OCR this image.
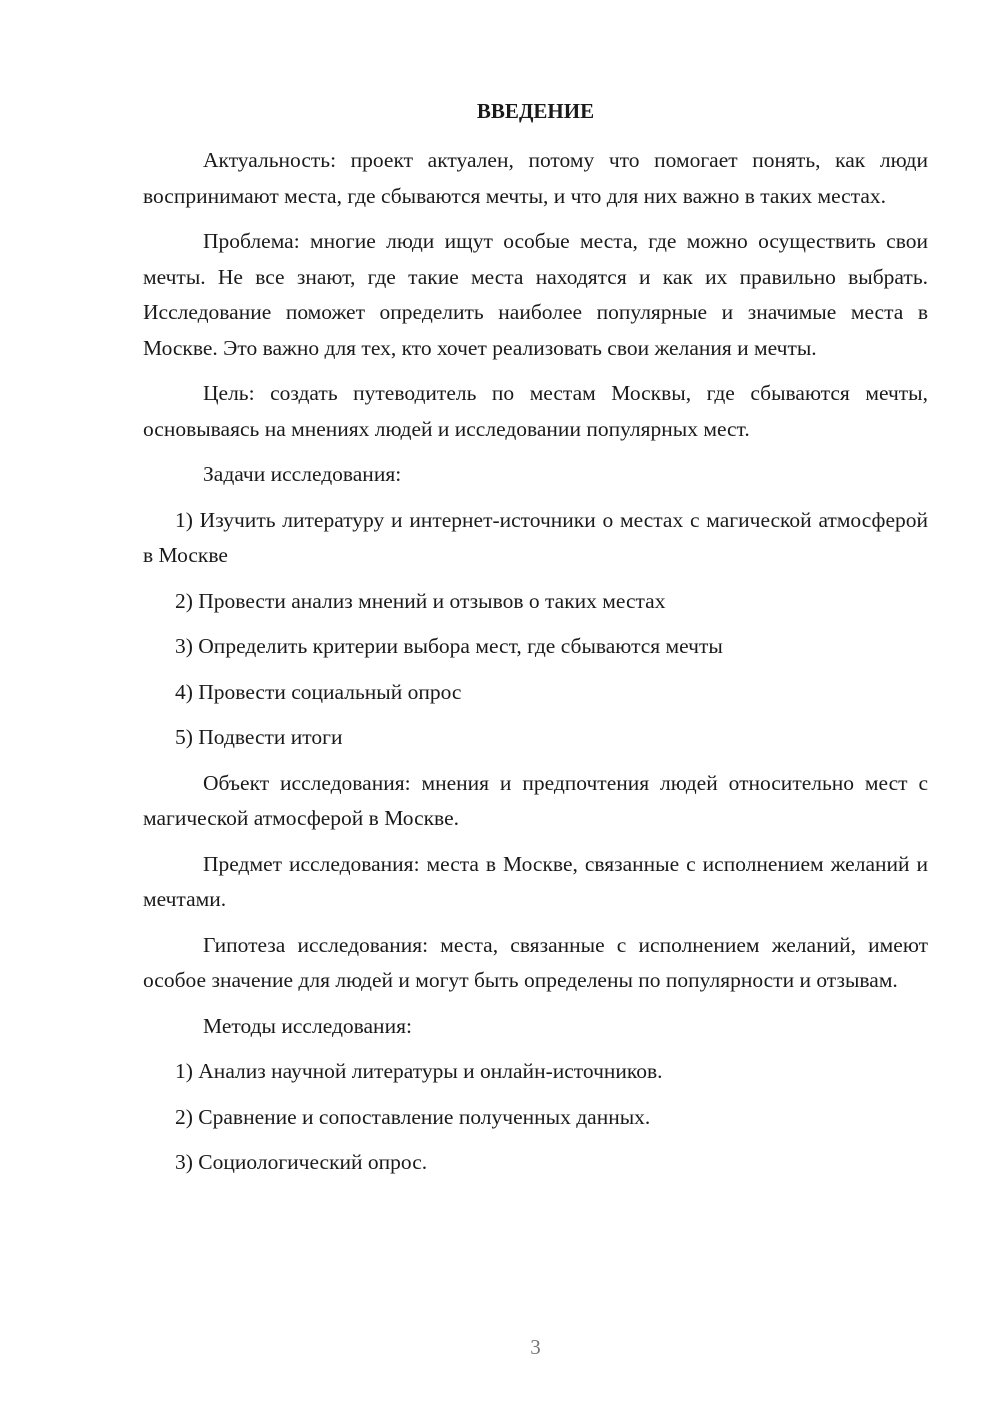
ВВЕДЕНИЕ

Актуальность: проект актуален, потому что помогает понять, как люди воспринимают места, где сбываются мечты, и что для них важно в таких местах.

Проблема: многие люди ищут особые места, где можно осуществить свои мечты. Не все знают, где такие места находятся и как их правильно выбрать. Исследование поможет определить наиболее популярные и значимые места в Москве. Это важно для тех, кто хочет реализовать свои желания и мечты.

Цель: создать путеводитель по местам Москвы, где сбываются мечты, основываясь на мнениях людей и исследовании популярных мест.

Задачи исследования:

1) Изучить литературу и интернет-источники о местах с магической атмосферой в Москве

2) Провести анализ мнений и отзывов о таких местах

3) Определить критерии выбора мест, где сбываются мечты

4) Провести социальный опрос

5) Подвести итоги

Объект исследования: мнения и предпочтения людей относительно мест с магической атмосферой в Москве.

Предмет исследования: места в Москве, связанные с исполнением желаний и мечтами.

Гипотеза исследования: места, связанные с исполнением желаний, имеют особое значение для людей и могут быть определены по популярности и отзывам.

Методы исследования:

1) Анализ научной литературы и онлайн-источников.

2) Сравнение и сопоставление полученных данных.

3) Социологический опрос.

3
